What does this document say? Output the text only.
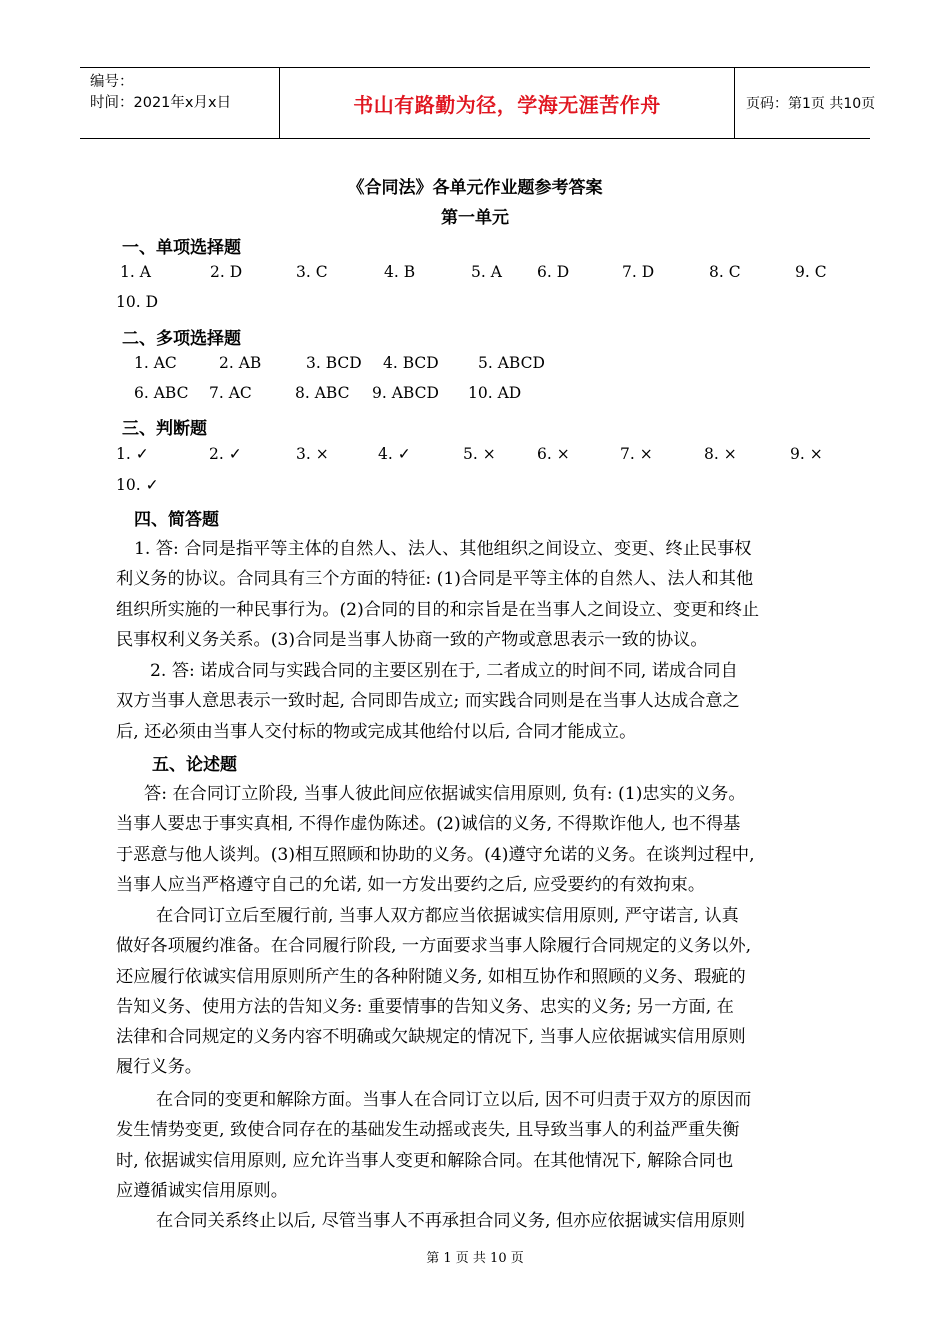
编号：
时间：2021年x月x日	书山有路勤为径，学海无涯苦作舟	页码：第1页 共10页
《合同法》各单元作业题参考答案
第一单元
一、单项选择题
1. A	2. D	3. C	4. B	5. A 6. D	7. D	8. C	9. C
10. D
二、多项选择题
1. AC	2. AB	3. BCD 4. BCD	5. ABCD
6. ABC 7. AC	8. ABC 9. ABCD 10. AD
三、判断题
1. ✓	2. ✓	3. ×	4. ✓	5. ×	6. ×	7. ×	8. ×	9. ×
10. ✓
四、简答题
1. 答: 合同是指平等主体的自然人、法人、其他组织之间设立、变更、终止民事权
利义务的协议。合同具有三个方面的特征: (1)合同是平等主体的自然人、法人和其他
组织所实施的一种民事行为。(2)合同的目的和宗旨是在当事人之间设立、变更和终止
民事权利义务关系。(3)合同是当事人协商一致的产物或意思表示一致的协议。
2. 答: 诺成合同与实践合同的主要区别在于, 二者成立的时间不同, 诺成合同自
双方当事人意思表示一致时起, 合同即告成立; 而实践合同则是在当事人达成合意之
后, 还必须由当事人交付标的物或完成其他给付以后, 合同才能成立。
五、论述题
答: 在合同订立阶段, 当事人彼此间应依据诚实信用原则, 负有: (1)忠实的义务。
当事人要忠于事实真相, 不得作虚伪陈述。(2)诚信的义务, 不得欺诈他人, 也不得基
于恶意与他人谈判。(3)相互照顾和协助的义务。(4)遵守允诺的义务。在谈判过程中,
当事人应当严格遵守自己的允诺, 如一方发出要约之后, 应受要约的有效拘束。
在合同订立后至履行前, 当事人双方都应当依据诚实信用原则, 严守诺言, 认真
做好各项履约准备。在合同履行阶段, 一方面要求当事人除履行合同规定的义务以外,
还应履行依诚实信用原则所产生的各种附随义务, 如相互协作和照顾的义务、瑕疵的
告知义务、使用方法的告知义务: 重要情事的告知义务、忠实的义务; 另一方面, 在
法律和合同规定的义务内容不明确或欠缺规定的情况下, 当事人应依据诚实信用原则
履行义务。
在合同的变更和解除方面。当事人在合同订立以后, 因不可归责于双方的原因而
发生情势变更, 致使合同存在的基础发生动摇或丧失, 且导致当事人的利益严重失衡
时, 依据诚实信用原则, 应允许当事人变更和解除合同。在其他情况下, 解除合同也
应遵循诚实信用原则。
在合同关系终止以后, 尽管当事人不再承担合同义务, 但亦应依据诚实信用原则
第 1 页 共 10 页
